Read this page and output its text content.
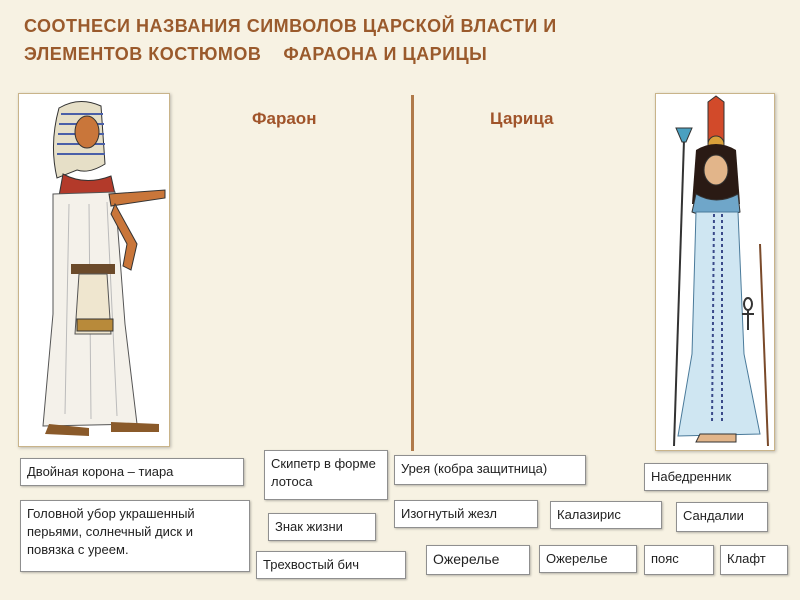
СООТНЕСИ НАЗВАНИЯ СИМВОЛОВ ЦАРСКОЙ ВЛАСТИ И
ЭЛЕМЕНТОВ КОСТЮМОВ ФАРАОНА И ЦАРИЦЫ
Фараон	Царица
Двойная корона – тиара
Головной убор украшенный перьями, солнечный диск и повязка с уреем.
Скипетр в форме лотоса
Знак жизни
Трехвостый бич
Урея (кобра защитница)
Изогнутый жезл
Ожерелье	Ожерелье
Калaзирис
пояс
Набедренник
Сандалии
Клафт
